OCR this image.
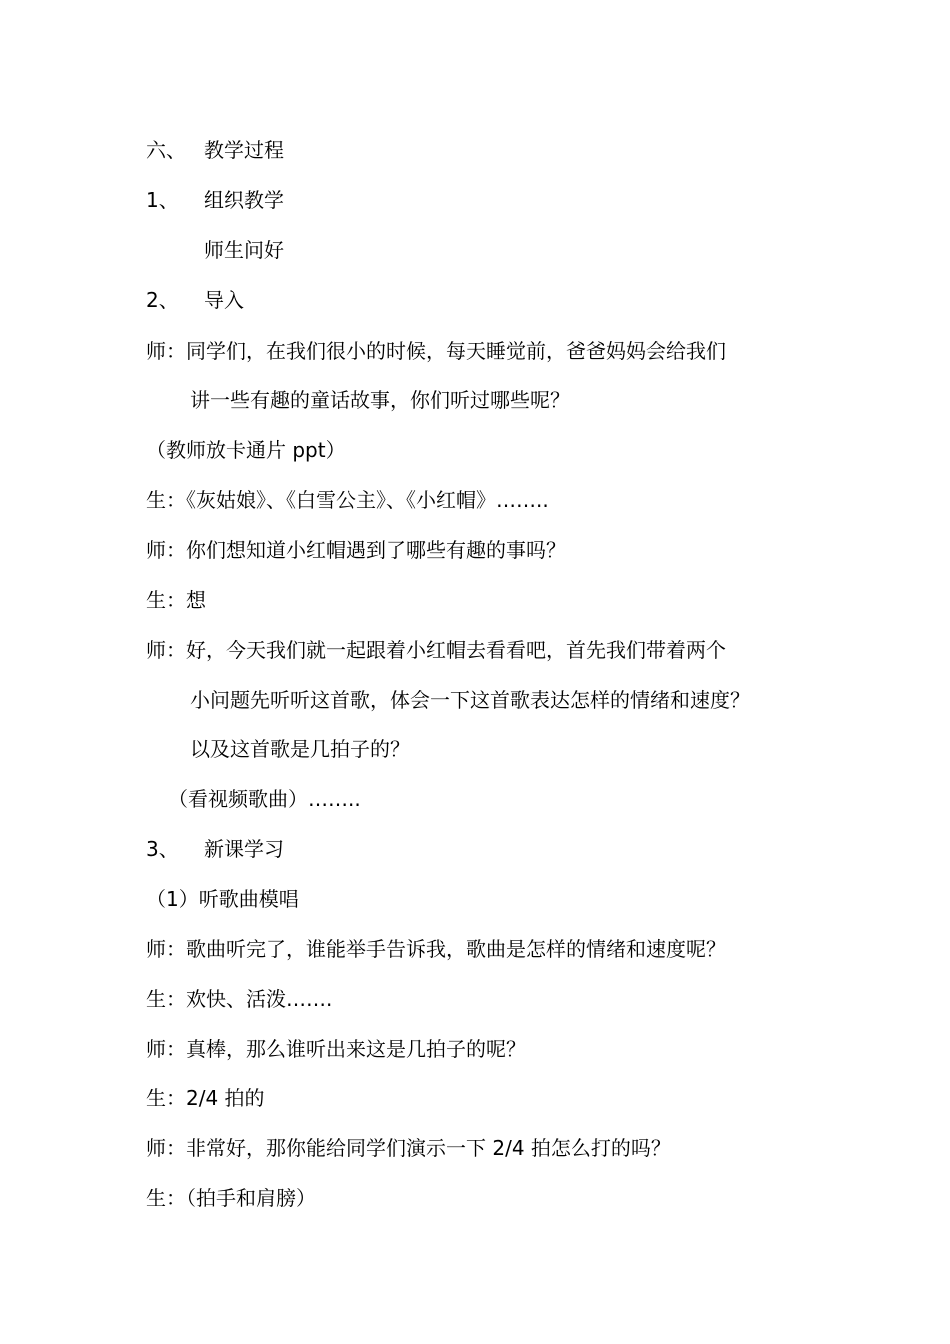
六、 教学过程
1、 组织教学
师生问好
2、 导入
师：同学们，在我们很小的时候，每天睡觉前，爸爸妈妈会给我们
讲一些有趣的童话故事，你们听过哪些呢？
（教师放卡通片 ppt）
生：《灰姑娘》、《白雪公主》、《小红帽》……..
师：你们想知道小红帽遇到了哪些有趣的事吗？
生：想
师：好，今天我们就一起跟着小红帽去看看吧，首先我们带着两个
小问题先听听这首歌，体会一下这首歌表达怎样的情绪和速度？
以及这首歌是几拍子的？
（看视频歌曲）……..
3、 新课学习
（1）听歌曲模唱
师：歌曲听完了，谁能举手告诉我，歌曲是怎样的情绪和速度呢？
生：欢快、活泼…….
师：真棒，那么谁听出来这是几拍子的呢？
生：2/4 拍的
师：非常好，那你能给同学们演示一下 2/4 拍怎么打的吗？
生：（拍手和肩膀）
